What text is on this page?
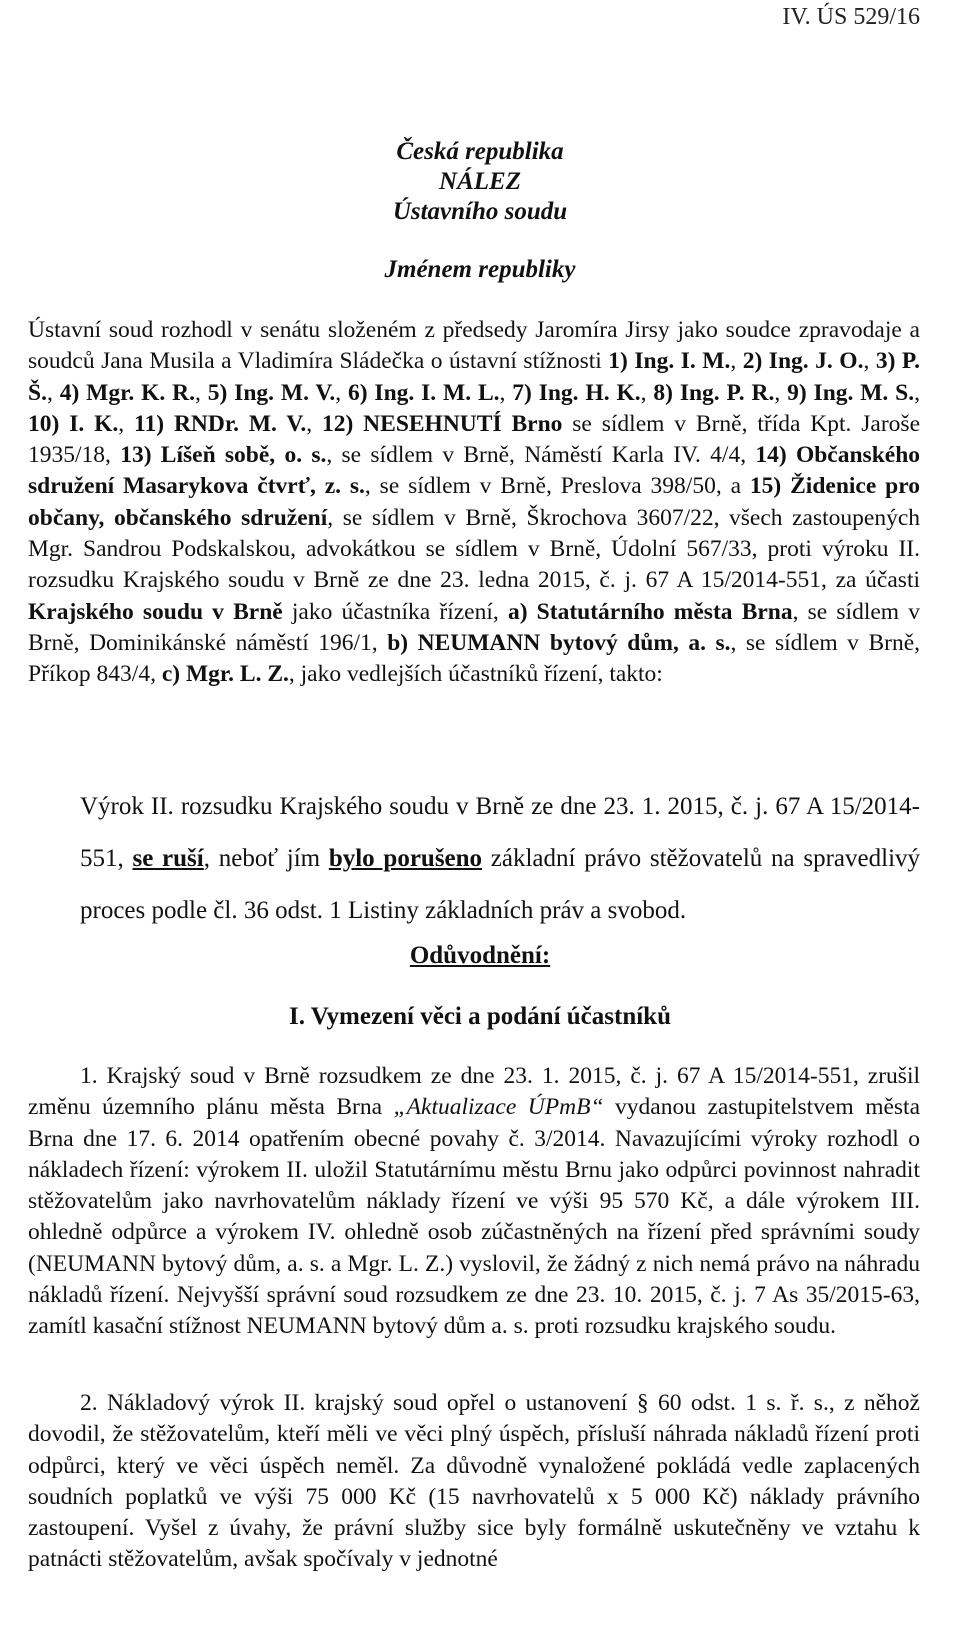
IV. ÚS 529/16
Česká republika
NÁLEZ
Ústavního soudu
Jménem republiky

Ústavní soud rozhodl v senátu složeném z předsedy Jaromíra Jirsy jako soudce zpravodaje a soudců Jana Musila a Vladimíra Sládečka o ústavní stížnosti 1) Ing. I. M., 2) Ing. J. O., 3) P. Š., 4) Mgr. K. R., 5) Ing. M. V., 6) Ing. I. M. L., 7) Ing. H. K., 8) Ing. P. R., 9) Ing. M. S., 10) I. K., 11) RNDr. M. V., 12) NESEHNUTÍ Brno se sídlem v Brně, třída Kpt. Jaroše 1935/18, 13) Líšeň sobě, o. s., se sídlem v Brně, Náměstí Karla IV. 4/4, 14) Občanského sdružení Masarykova čtvrť, z. s., se sídlem v Brně, Preslova 398/50, a 15) Židenice pro občany, občanského sdružení, se sídlem v Brně, Škrochova 3607/22, všech zastoupených Mgr. Sandrou Podskalskou, advokátkou se sídlem v Brně, Údolní 567/33, proti výroku II. rozsudku Krajského soudu v Brně ze dne 23. ledna 2015, č. j. 67 A 15/2014-551, za účasti Krajského soudu v Brně jako účastníka řízení, a) Statutárního města Brna, se sídlem v Brně, Dominikánské náměstí 196/1, b) NEUMANN bytový dům, a. s., se sídlem v Brně, Příkop 843/4, c) Mgr. L. Z., jako vedlejších účastníků řízení, takto:

Výrok II. rozsudku Krajského soudu v Brně ze dne 23. 1. 2015, č. j. 67 A 15/2014-551, se ruší, neboť jím bylo porušeno základní právo stěžovatelů na spravedlivý proces podle čl. 36 odst. 1 Listiny základních práv a svobod.

Odůvodnění:
I. Vymezení věci a podání účastníků

1. Krajský soud v Brně rozsudkem ze dne 23. 1. 2015, č. j. 67 A 15/2014-551, zrušil změnu územního plánu města Brna „Aktualizace ÚPmB“ vydanou zastupitelstvem města Brna dne 17. 6. 2014 opatřením obecné povahy č. 3/2014. Navazujícími výroky rozhodl o nákladech řízení: výrokem II. uložil Statutárnímu městu Brnu jako odpůrci povinnost nahradit stěžovatelům jako navrhovatelům náklady řízení ve výši 95 570 Kč, a dále výrokem III. ohledně odpůrce a výrokem IV. ohledně osob zúčastněných na řízení před správními soudy (NEUMANN bytový dům, a. s. a Mgr. L. Z.) vyslovil, že žádný z nich nemá právo na náhradu nákladů řízení. Nejvyšší správní soud rozsudkem ze dne 23. 10. 2015, č. j. 7 As 35/2015-63, zamítl kasační stížnost NEUMANN bytový dům a. s. proti rozsudku krajského soudu.

2. Nákladový výrok II. krajský soud opřel o ustanovení § 60 odst. 1 s. ř. s., z něhož dovodil, že stěžovatelům, kteří měli ve věci plný úspěch, přísluší náhrada nákladů řízení proti odpůrci, který ve věci úspěch neměl. Za důvodně vynaložené pokládá vedle zaplacených soudních poplatků ve výši 75 000 Kč (15 navrhovatelů x 5 000 Kč) náklady právního zastoupení. Vyšel z úvahy, že právní služby sice byly formálně uskutečněny ve vztahu k patnácti stěžovatelům, avšak spočívaly v jednotné
